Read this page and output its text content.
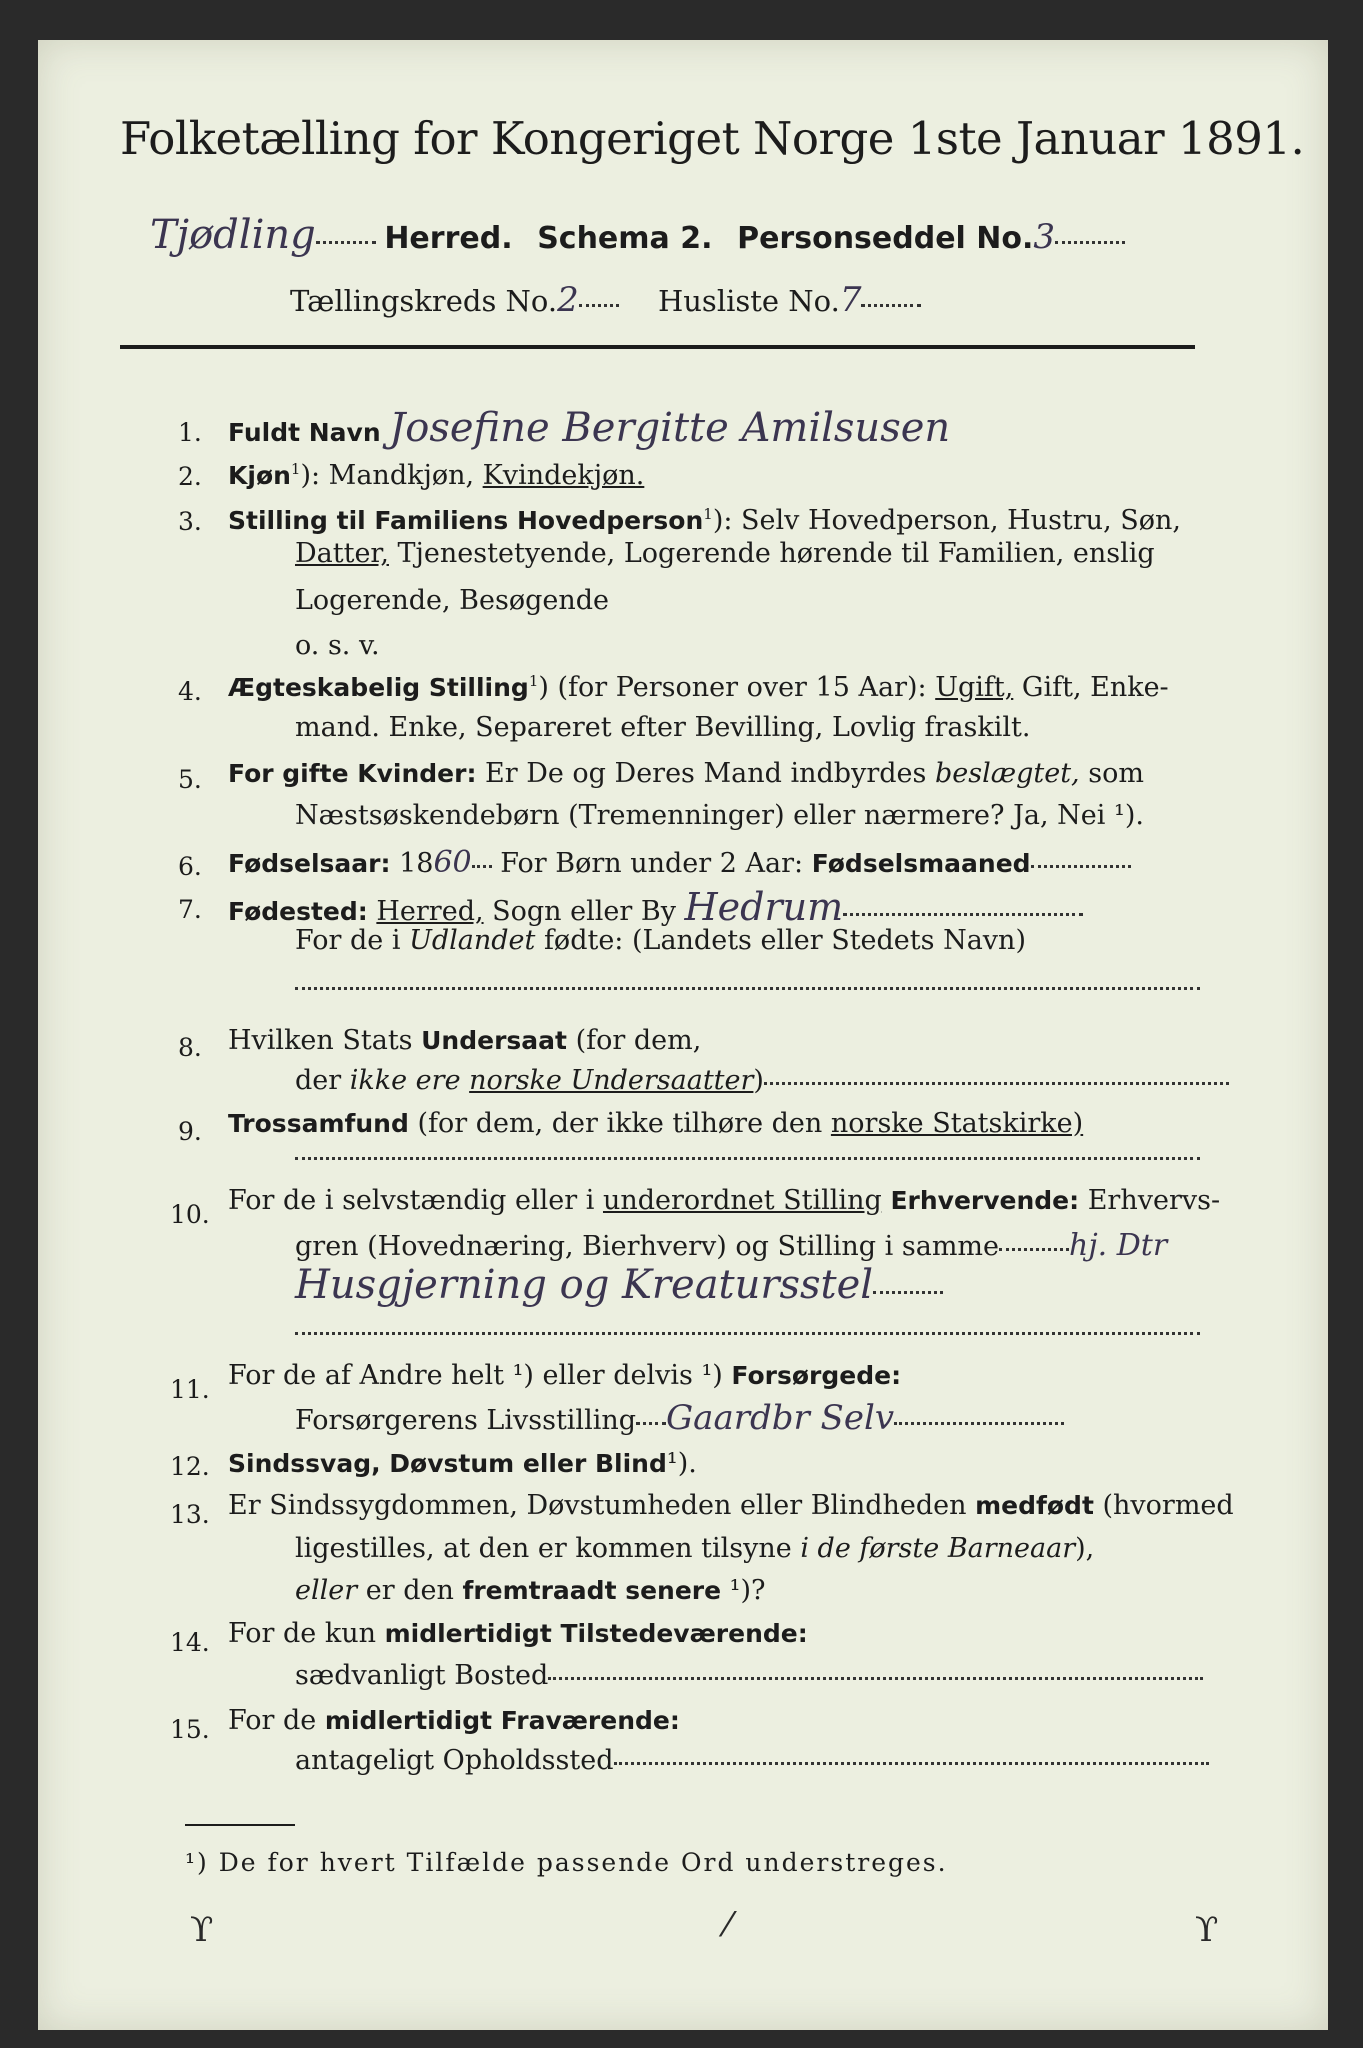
Folketælling for Kongeriget Norge 1ste Januar 1891.
Tjødling Herred. Schema 2. Personseddel No.3
Tællingskreds No.2	Husliste No.7
1. Fuldt Navn Josefine Bergitte Amilsusen
2. Kjøn$^1$): Mandkjøn, Kvindekjøn.
3. Stilling til Familiens Hovedperson$^1$): Selv Hovedperson, Hustru, Søn,
Datter, Tjenestetyende, Logerende hørende til Familien, enslig
Logerende, Besøgende
o. s. v.
4. Ægteskabelig Stilling$^1$) (for Personer over 15 Aar): Ugift, Gift, Enke-
mand. Enke, Separeret efter Bevilling, Lovlig fraskilt.
5. For gifte Kvinder: Er De og Deres Mand indbyrdes beslægtet, som
Næstsøskendebørn (Tremenninger) eller nærmere? Ja, Nei ¹).
6. Fødselsaar: 1860 For Børn under 2 Aar: Fødselsmaaned
7. Fødested: Herred, Sogn eller By Hedrum
For de i Udlandet fødte: (Landets eller Stedets Navn)
8. Hvilken Stats Undersaat (for dem,
der ikke ere norske Undersaatter)
9. Trossamfund (for dem, der ikke tilhøre den norske Statskirke)
10. For de i selvstændig eller i underordnet Stilling Erhvervende: Erhvervs-
gren (Hovednæring, Bierhverv) og Stilling i samme hj. Dtr
Husgjerning og Kreatursstel
11. For de af Andre helt ¹) eller delvis ¹) Forsørgede:
Forsørgerens Livsstilling Gaardbr Selv
12. Sindssvag, Døvstum eller Blind¹).
13. Er Sindssygdommen, Døvstumheden eller Blindheden medfødt (hvormed
ligestilles, at den er kommen tilsyne i de første Barneaar),
eller er den fremtraadt senere ¹)?
14. For de kun midlertidigt Tilstedeværende:
sædvanligt Bosted
15. For de midlertidigt Fraværende:
antageligt Opholdssted
¹) De for hvert Tilfælde passende Ord understreges.
ϒ	⁄	ϒ
